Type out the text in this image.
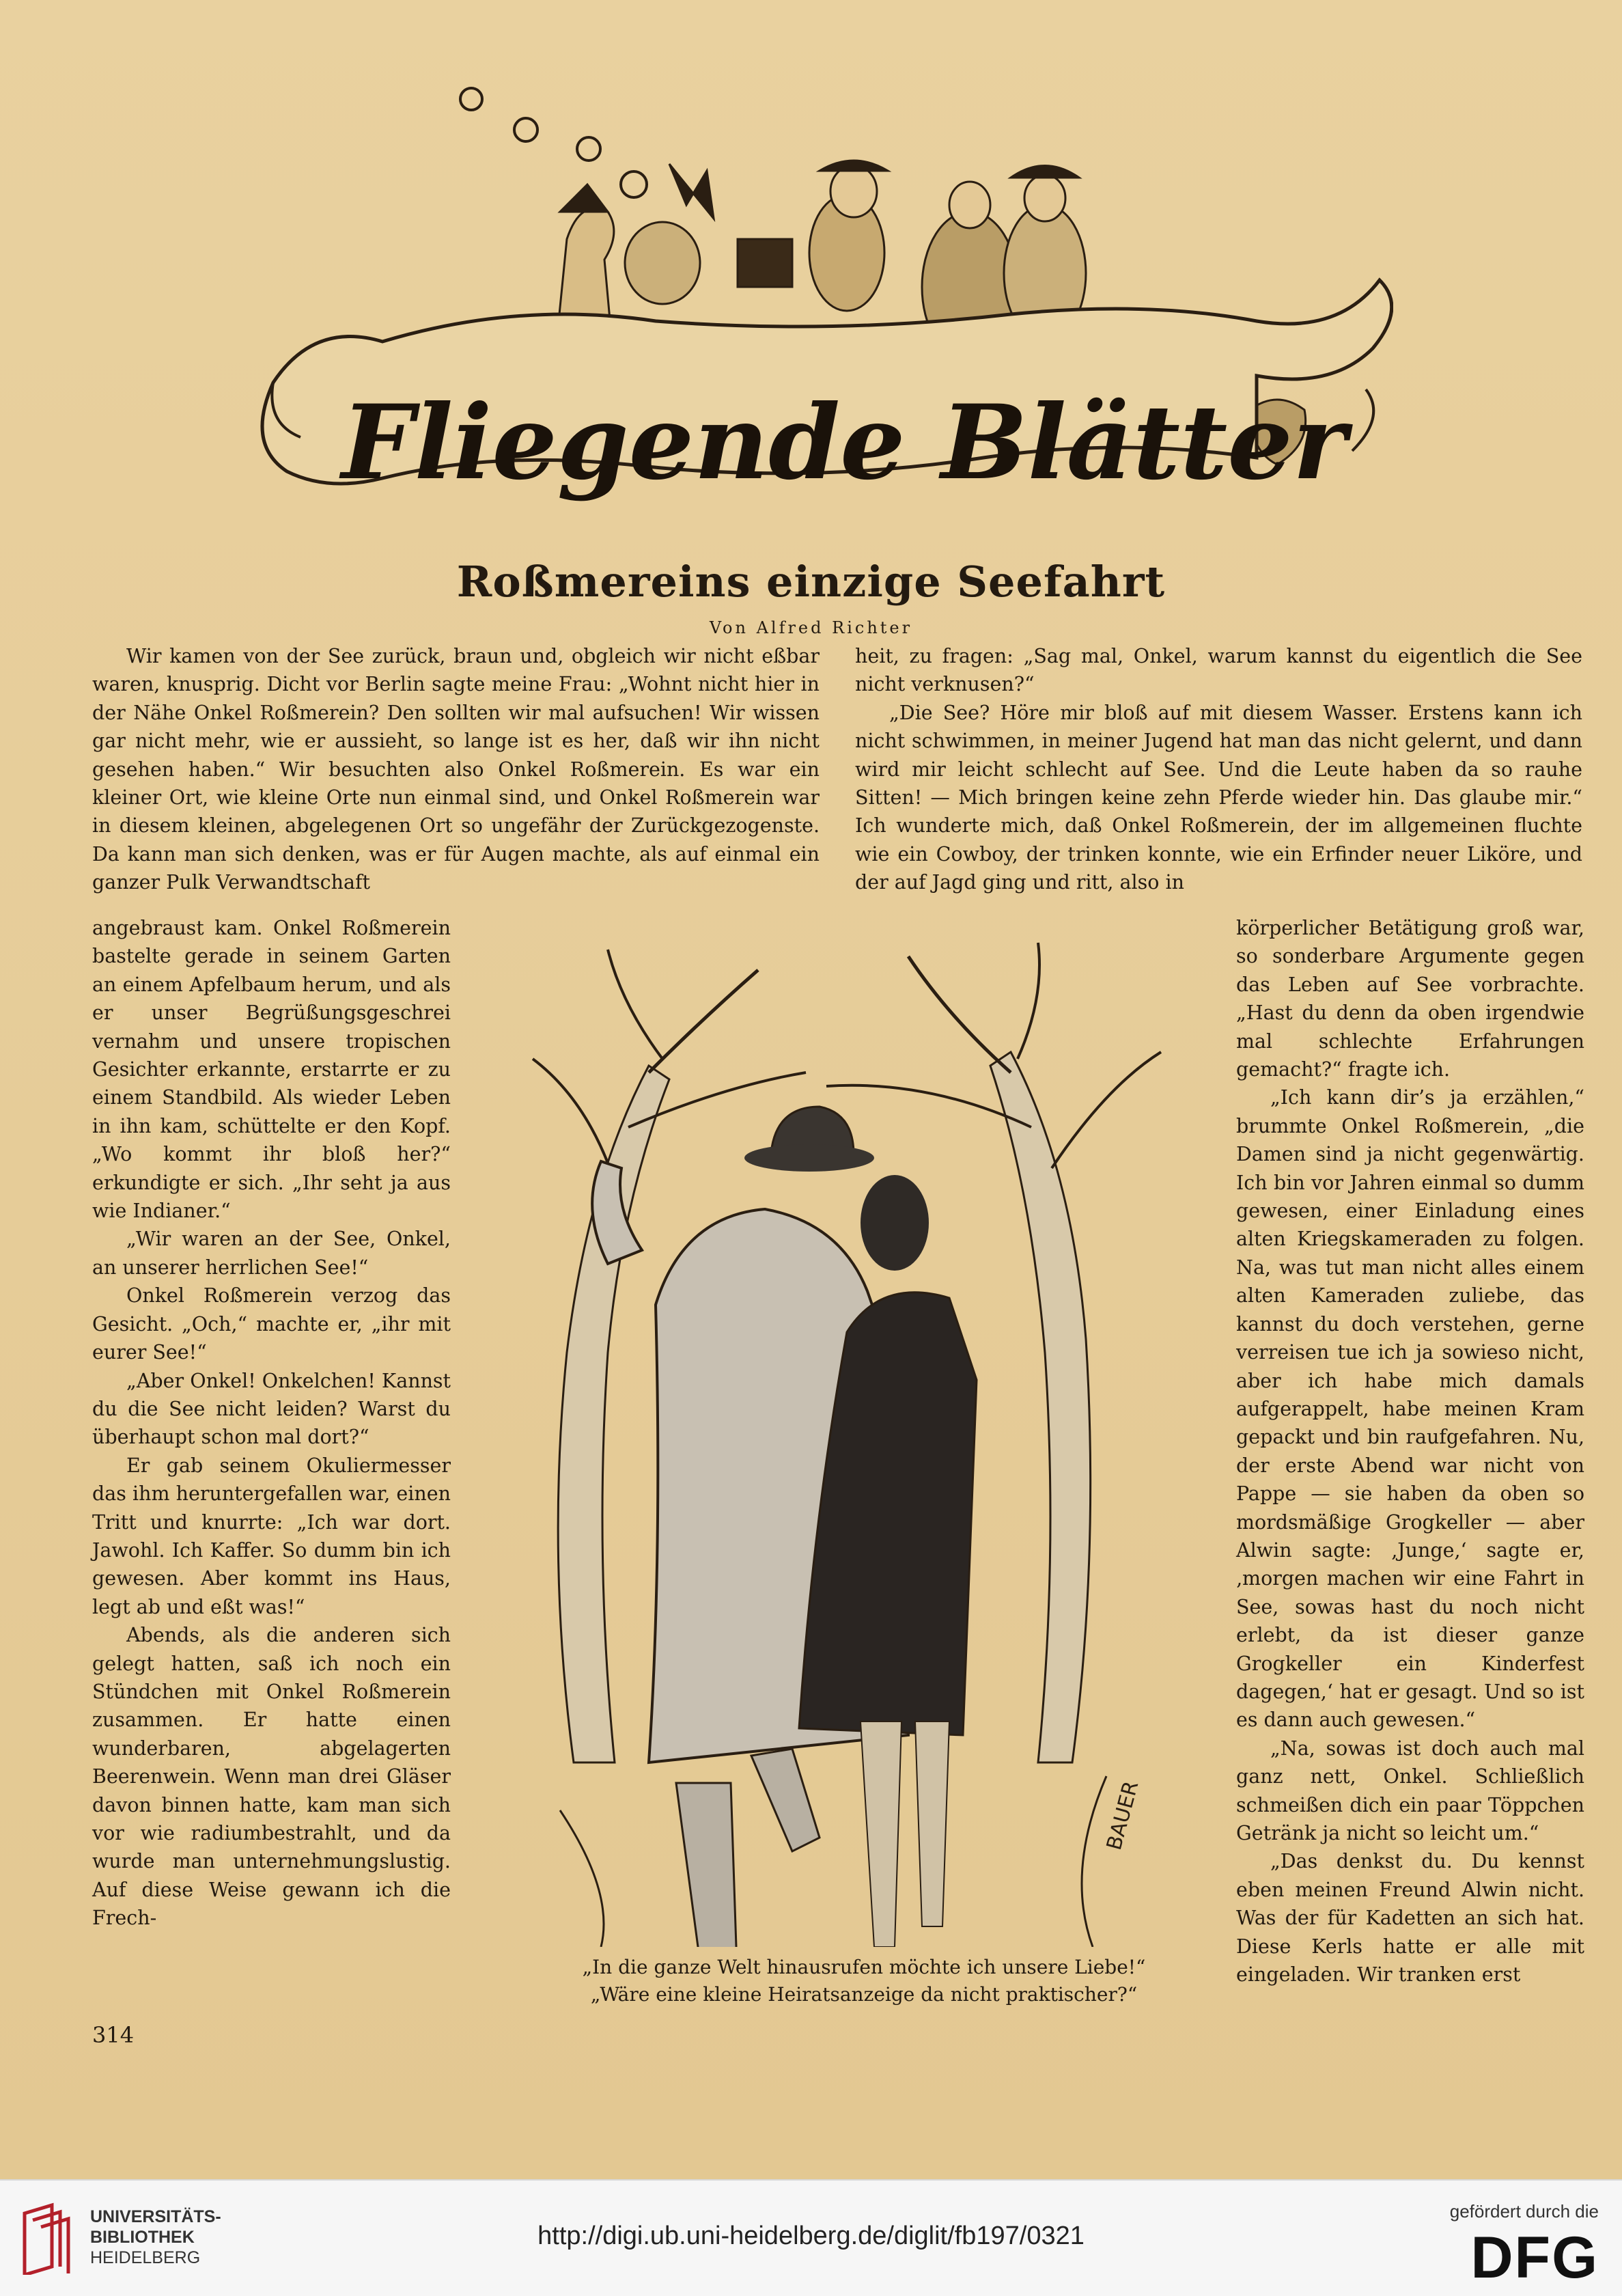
Fliegende Blätter
Roßmereins einzige Seefahrt
Von Alfred Richter

Wir kamen von der See zurück, braun und, obgleich wir nicht eßbar waren, knusprig. Dicht vor Berlin sagte meine Frau: „Wohnt nicht hier in der Nähe Onkel Roßmerein? Den sollten wir mal aufsuchen! Wir wissen gar nicht mehr, wie er aussieht, so lange ist es her, daß wir ihn nicht gesehen haben.“ Wir besuchten also Onkel Roßmerein. Es war ein kleiner Ort, wie kleine Orte nun einmal sind, und Onkel Roßmerein war in diesem kleinen, abgelegenen Ort so ungefähr der Zurückgezogenste. Da kann man sich denken, was er für Augen machte, als auf einmal ein ganzer Pulk Verwandtschaft

heit, zu fragen: „Sag mal, Onkel, warum kannst du eigentlich die See nicht verknusen?“

„Die See? Höre mir bloß auf mit diesem Wasser. Erstens kann ich nicht schwimmen, in meiner Jugend hat man das nicht gelernt, und dann wird mir leicht schlecht auf See. Und die Leute haben da so rauhe Sitten! — Mich bringen keine zehn Pferde wieder hin. Das glaube mir.“ Ich wunderte mich, daß Onkel Roßmerein, der im allgemeinen fluchte wie ein Cowboy, der trinken konnte, wie ein Erfinder neuer Liköre, und der auf Jagd ging und ritt, also in

angebraust kam. Onkel Roßmerein bastelte gerade in seinem Garten an einem Apfelbaum herum, und als er unser Begrüßungsgeschrei vernahm und unsere tropischen Gesichter erkannte, erstarrte er zu einem Standbild. Als wieder Leben in ihn kam, schüttelte er den Kopf. „Wo kommt ihr bloß her?“ erkundigte er sich. „Ihr seht ja aus wie Indianer.“

„Wir waren an der See, Onkel, an unserer herrlichen See!“

Onkel Roßmerein verzog das Gesicht. „Och,“ machte er, „ihr mit eurer See!“

„Aber Onkel! Onkelchen! Kannst du die See nicht leiden? Warst du überhaupt schon mal dort?“

Er gab seinem Okuliermesser das ihm heruntergefallen war, einen Tritt und knurrte: „Ich war dort. Jawohl. Ich Kaffer. So dumm bin ich gewesen. Aber kommt ins Haus, legt ab und eßt was!“

Abends, als die anderen sich gelegt hatten, saß ich noch ein Stündchen mit Onkel Roßmerein zusammen. Er hatte einen wunderbaren, abgelagerten Beerenwein. Wenn man drei Gläser davon binnen hatte, kam man sich vor wie radiumbestrahlt, und da wurde man unternehmungslustig. Auf diese Weise gewann ich die Frech-

BAUER
„In die ganze Welt hinausrufen möchte ich unsere Liebe!“
„Wäre eine kleine Heiratsanzeige da nicht praktischer?“

körperlicher Betätigung groß war, so sonderbare Argumente gegen das Leben auf See vorbrachte. „Hast du denn da oben irgendwie mal schlechte Erfahrungen gemacht?“ fragte ich.

„Ich kann dir’s ja erzählen,“ brummte Onkel Roßmerein, „die Damen sind ja nicht gegenwärtig. Ich bin vor Jahren einmal so dumm gewesen, einer Einladung eines alten Kriegskameraden zu folgen. Na, was tut man nicht alles einem alten Kameraden zuliebe, das kannst du doch verstehen, gerne verreisen tue ich ja sowieso nicht, aber ich habe mich damals aufgerappelt, habe meinen Kram gepackt und bin raufgefahren. Nu, der erste Abend war nicht von Pappe — sie haben da oben so mordsmäßige Grogkeller — aber Alwin sagte: ‚Junge,‘ sagte er, ‚morgen machen wir eine Fahrt in See, sowas hast du noch nicht erlebt, da ist dieser ganze Grogkeller ein Kinderfest dagegen,‘ hat er gesagt. Und so ist es dann auch gewesen.“

„Na, sowas ist doch auch mal ganz nett, Onkel. Schließlich schmeißen dich ein paar Töppchen Getränk ja nicht so leicht um.“

„Das denkst du. Du kennst eben meinen Freund Alwin nicht. Was der für Kadetten an sich hat. Diese Kerls hatte er alle mit eingeladen. Wir tranken erst

314
UNIVERSITÄTS-
BIBLIOTHEK
HEIDELBERG
http://digi.ub.uni-heidelberg.de/diglit/fb197/0321
gefördert durch die
DFG
